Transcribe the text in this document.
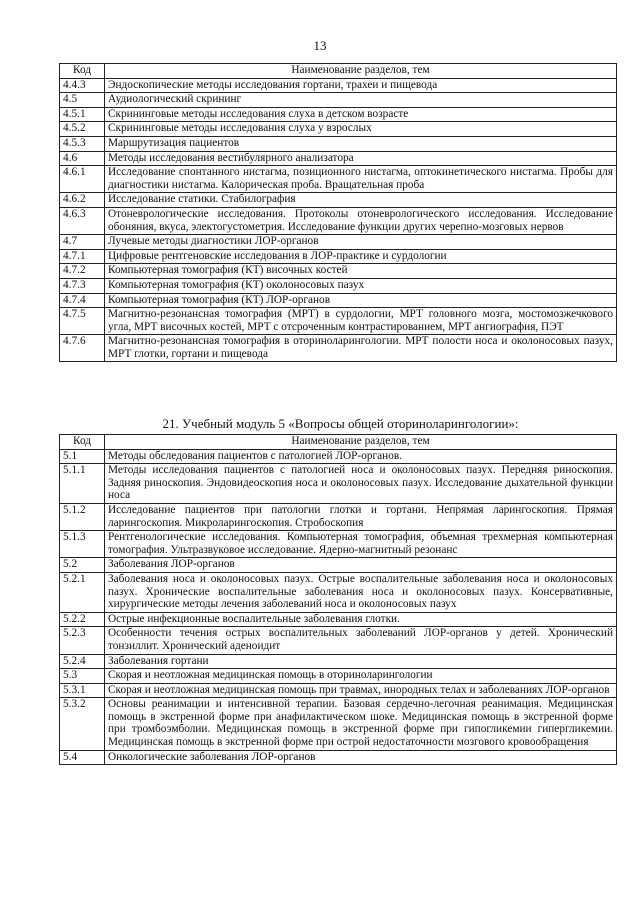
13
Код	Наименование разделов, тем
4.4.3	Эндоскопические методы исследования гортани, трахеи и пищевода
4.5	Аудиологический скрининг
4.5.1	Скрининговые методы исследования слуха в детском возрасте
4.5.2	Скрининговые методы исследования слуха у взрослых
4.5.3	Маршрутизация пациентов
4.6	Методы исследования вестибулярного анализатора
4.6.1	Исследование спонтанного нистагма, позиционного нистагма, оптокинетического нистагма. Пробы для диагностики нистагма. Калорическая проба. Вращательная проба
4.6.2	Исследование статики. Стабилография
4.6.3	Отоневрологические исследования. Протоколы отоневрологического исследования. Исследование обоняния, вкуса, электогустометрия. Исследование функции других черепно-мозговых нервов
4.7	Лучевые методы диагностики ЛОР-органов
4.7.1	Цифровые рентгеновские исследования в ЛОР-практике и сурдологии
4.7.2	Компьютерная томография (КТ) височных костей
4.7.3	Компьютерная томография (КТ) околоносовых пазух
4.7.4	Компьютерная томография (КТ) ЛОР-органов
4.7.5	Магнитно-резонансная томография (МРТ) в сурдологии, МРТ головного мозга, мостомозжечкового угла, МРТ височных костей, МРТ с отсроченным контрастированием, МРТ ангиография, ПЭТ
4.7.6	Магнитно-резонансная томография в оториноларингологии. МРТ полости носа и околоносовых пазух, МРТ глотки, гортани и пищевода
21. Учебный модуль 5 «Вопросы общей оториноларингологии»:
Код	Наименование разделов, тем
5.1	Методы обследования пациентов с патологией ЛОР-органов.
5.1.1	Методы исследования пациентов с патологией носа и околоносовых пазух. Передняя риноскопия. Задняя риноскопия. Эндовидеоскопия носа и околоносовых пазух. Исследование дыхательной функции носа
5.1.2	Исследование пациентов при патологии глотки и гортани. Непрямая ларингоскопия. Прямая ларингоскопия. Микроларингоскопия. Стробоскопия
5.1.3	Рентгенологические исследования. Компьютерная томография, объемная трехмерная компьютерная томография. Ультразвуковое исследование. Ядерно-магнитный резонанс
5.2	Заболевания ЛОР-органов
5.2.1	Заболевания носа и околоносовых пазух. Острые воспалительные заболевания носа и околоносовых пазух. Хронические воспалительные заболевания носа и околоносовых пазух. Консервативные, хирургические методы лечения заболеваний носа и околоносовых пазух
5.2.2	Острые инфекционные воспалительные заболевания глотки.
5.2.3	Особенности течения острых воспалительных заболеваний ЛОР-органов у детей. Хронический тонзиллит. Хронический аденоидит
5.2.4	Заболевания гортани
5.3	Скорая и неотложная медицинская помощь в оториноларингологии
5.3.1	Скорая и неотложная медицинская помощь при травмах, инородных телах и заболеваниях ЛОР-органов
5.3.2	Основы реанимации и интенсивной терапии. Базовая сердечно-легочная реанимация. Медицинская помощь в экстренной форме при анафилактическом шоке. Медицинская помощь в экстренной форме при тромбоэмболии. Медицинская помощь в экстренной форме при гипогликемии гипергликемии. Медицинская помощь в экстренной форме при острой недостаточности мозгового кровообращения
5.4	Онкологические заболевания ЛОР-органов
